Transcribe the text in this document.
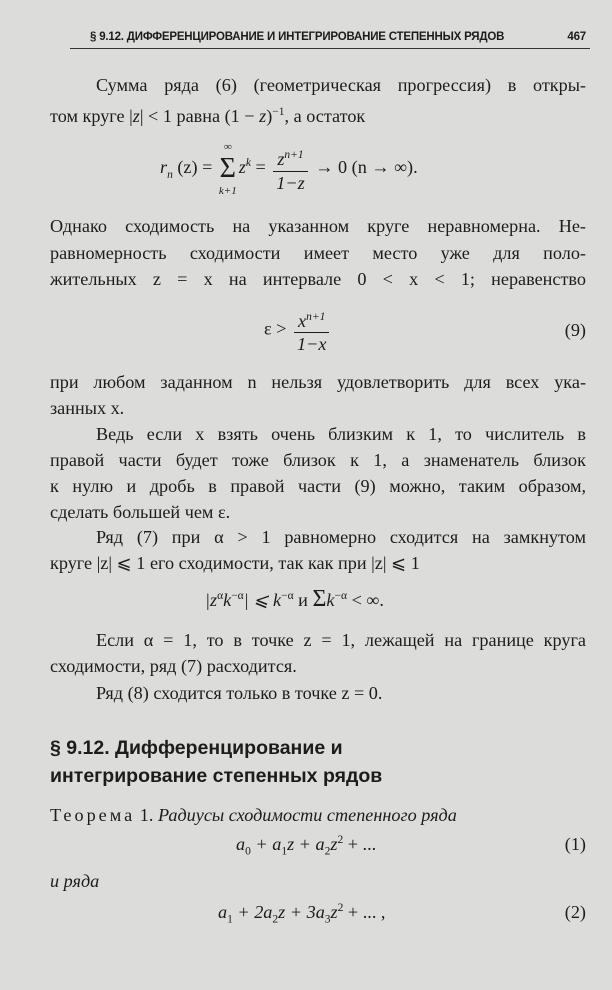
§ 9.12. ДИФФЕРЕНЦИРОВАНИЕ И ИНТЕГРИРОВАНИЕ СТЕПЕННЫХ РЯДОВ	467
Сумма ряда (6) (геометрическая прогрессия) в откры-
том круге |z| < 1 равна $(1 - z)^{-1}$, а остаток
$r_n$ (z) =
∞
Σ
k+1
$z^k = \frac{z^{n+1}}{1-z} \to 0$ (n → ∞).
Однако сходимость на указанном круге неравномерна. Не-
равномерность сходимости имеет место уже для поло-
жительных z = x на интервале 0 < x < 1; неравенство
$\varepsilon > \frac{x^{n+1}}{1-x}$	(9)
при любом заданном n нельзя удовлетворить для всех ука-
занных x.
Ведь если x взять очень близким к 1, то числитель в
правой части будет тоже близок к 1, а знаменатель близок
к нулю и дробь в правой части (9) можно, таким образом,
сделать большей чем ε.
Ряд (7) при α > 1 равномерно сходится на замкнутом
круге |z| ⩽ 1 его сходимости, так как при |z| ⩽ 1
$|z^\alpha k^{-\alpha}|$ ⩽ $k^{-\alpha}$ и $\Sigma k^{-\alpha}$ < ∞.
Если α = 1, то в точке z = 1, лежащей на границе круга
сходимости, ряд (7) расходится.
Ряд (8) сходится только в точке z = 0.
§ 9.12. Дифференцирование и
интегрирование степенных рядов
Теорема 1. Радиусы сходимости степенного ряда
$a_0 + a_1z + a_2z^2$ + ...	(1)
и ряда
$a_1 + 2a_2z + 3a_3z^2$ + ... ,	(2)
